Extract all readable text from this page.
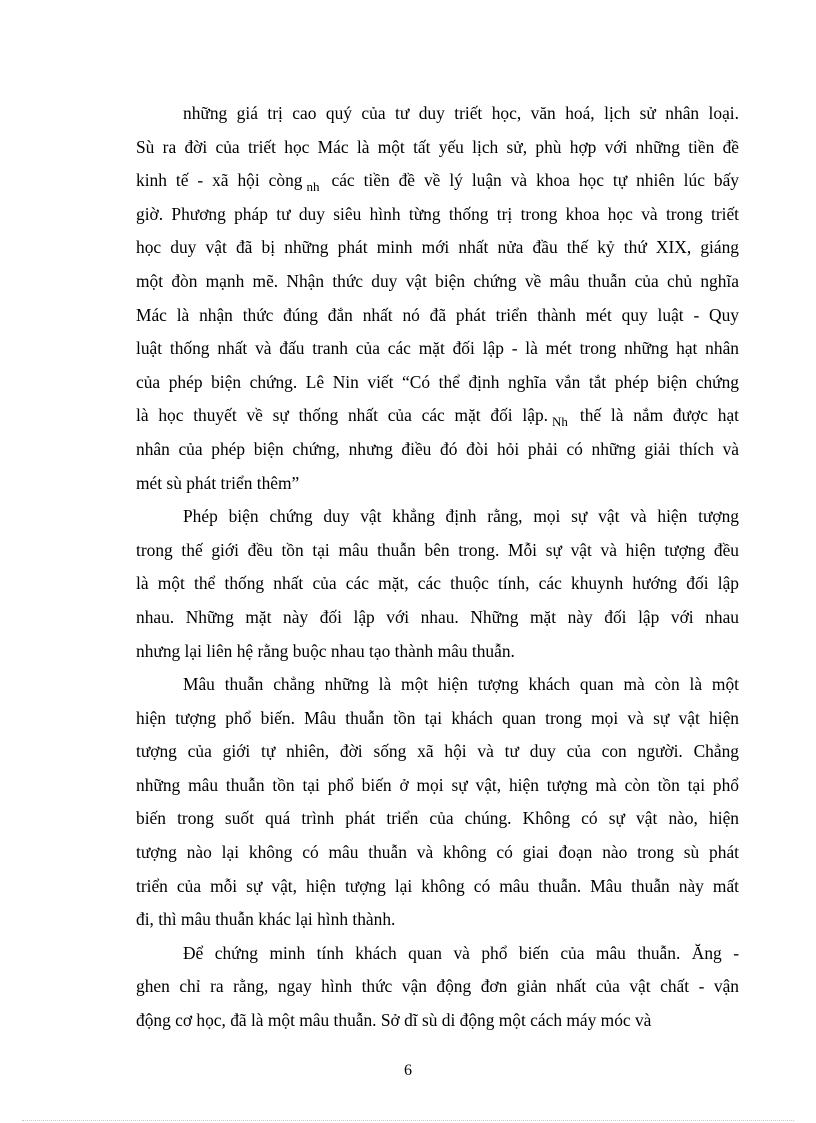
những giá trị cao quý của tư duy triết học, văn hoá, lịch sử nhân loại.
Sù ra đời của triết học Mác là một tất yếu lịch sử, phù hợp với những tiền đề
kinh tế - xã hội còng $_{nh}$ các tiền đề về lý luận và khoa học tự nhiên lúc bấy
giờ. Phương pháp tư duy siêu hình từng thống trị trong khoa học và trong triết
học duy vật đã bị những phát minh mới nhất nửa đầu thế kỷ thứ XIX, giáng
một đòn mạnh mẽ. Nhận thức duy vật biện chứng về mâu thuẫn của chủ nghĩa
Mác là nhận thức đúng đắn nhất nó đã phát triển thành mét quy luật - Quy
luật thống nhất và đấu tranh của các mặt đối lập - là mét trong những hạt nhân
của phép biện chứng. Lê Nin viết “Có thể định nghĩa vắn tắt phép biện chứng
là học thuyết về sự thống nhất của các mặt đối lập. $_{Nh}$ thế là nắm được hạt
nhân của phép biện chứng, nhưng điều đó đòi hỏi phải có những giải thích và
mét sù phát triển thêm”
Phép biện chứng duy vật khẳng định rằng, mọi sự vật và hiện tượng
trong thế giới đều tồn tại mâu thuẫn bên trong. Mỗi sự vật và hiện tượng đều
là một thể thống nhất của các mặt, các thuộc tính, các khuynh hướng đối lập
nhau. Những mặt này đối lập với nhau. Những mặt này đối lập với nhau
nhưng lại liên hệ rằng buộc nhau tạo thành mâu thuẫn.
Mâu thuẫn chẳng những là một hiện tượng khách quan mà còn là một
hiện tượng phổ biến. Mâu thuẫn tồn tại khách quan trong mọi và sự vật hiện
tượng của giới tự nhiên, đời sống xã hội và tư duy của con người. Chẳng
những mâu thuẫn tồn tại phổ biến ở mọi sự vật, hiện tượng mà còn tồn tại phổ
biến trong suốt quá trình phát triển của chúng. Không có sự vật nào, hiện
tượng nào lại không có mâu thuẫn và không có giai đoạn nào trong sù phát
triển của mỗi sự vật, hiện tượng lại không có mâu thuẫn. Mâu thuẫn này mất
đi, thì mâu thuẫn khác lại hình thành.
Để chứng minh tính khách quan và phổ biến của mâu thuẫn. Ăng -
ghen chỉ ra rằng, ngay hình thức vận động đơn giản nhất của vật chất - vận
động cơ học, đã là một mâu thuẫn. Sở dĩ sù di động một cách máy móc và
6
